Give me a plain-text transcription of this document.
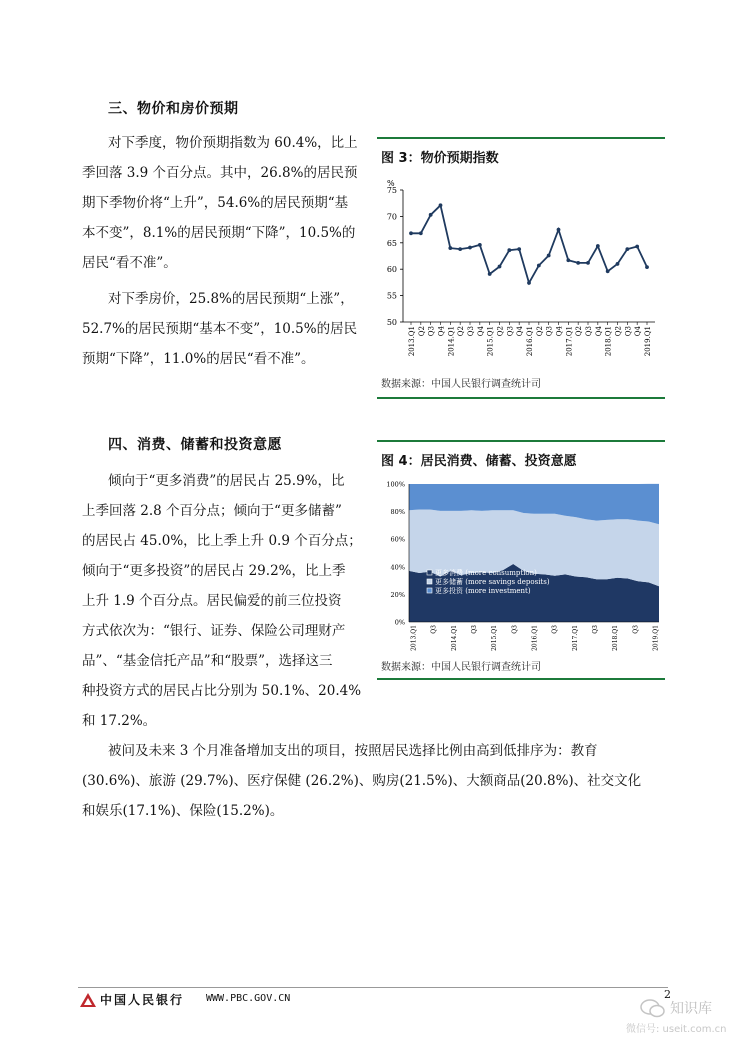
三、物价和房价预期
对下季度，物价预期指数为 60.4%，比上
季回落 3.9 个百分点。其中，26.8%的居民预
期下季物价将“上升”，54.6%的居民预期“基
本不变”，8.1%的居民预期“下降”，10.5%的
居民“看不准”。
对下季房价，25.8%的居民预期“上涨”，
52.7%的居民预期“基本不变”，10.5%的居民
预期“下降”，11.0%的居民“看不准”。
图 3：物价预期指数
%
50
55
60
65
70
75
2013.Q1 Q2 Q3 Q4 2014.Q1 Q2 Q3 Q4 2015.Q1 Q2 Q3 Q4 2016.Q1 Q2 Q3 Q4 2017.Q1 Q2 Q3 Q4 2018.Q1 Q2 Q3 Q4 2019.Q1
数据来源：中国人民银行调查统计司
四、消费、储蓄和投资意愿
倾向于“更多消费”的居民占 25.9%，比
上季回落 2.8 个百分点；倾向于“更多储蓄”
的居民占 45.0%，比上季上升 0.9 个百分点；
倾向于“更多投资”的居民占 29.2%，比上季
上升 1.9 个百分点。居民偏爱的前三位投资
方式依次为：“银行、证券、保险公司理财产
品”、“基金信托产品”和“股票”，选择这三
种投资方式的居民占比分别为 50.1%、20.4%
和 17.2%。
图 4：居民消费、储蓄、投资意愿
0%
20%
40%
60%
80%
100%
2013.Q1 Q3 2014.Q1 Q3 2015.Q1 Q3 2016.Q1 Q3 2017.Q1 Q3 2018.Q1 Q3 2019.Q1
更多消费 (more consumption)
更多储蓄 (more savings deposits)
更多投资 (more investment)
数据来源：中国人民银行调查统计司
被问及未来 3 个月准备增加支出的项目，按照居民选择比例由高到低排序为：教育
(30.6%)、旅游 (29.7%)、医疗保健 (26.2%)、购房(21.5%)、大额商品(20.8%)、社交文化
和娱乐(17.1%)、保险(15.2%)。
中国人民银行 WWW.PBC.GOV.CN	2
知识库
微信号: useit.com.cn
